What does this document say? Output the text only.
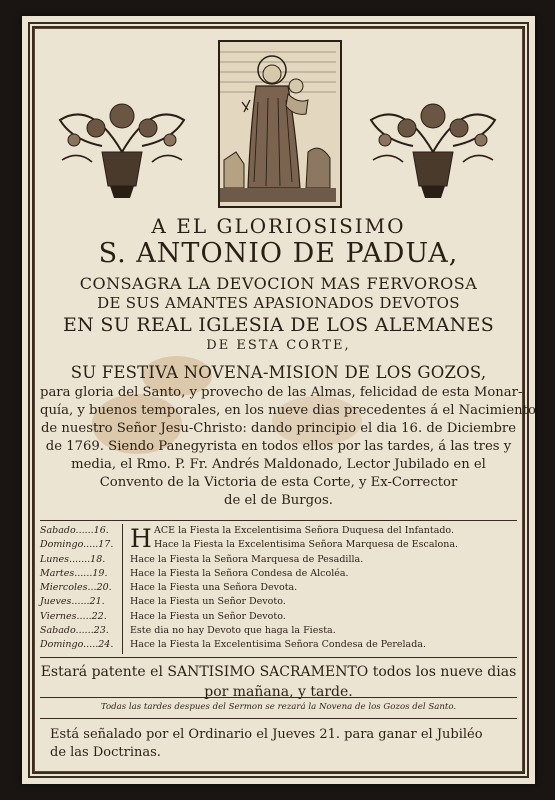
A EL GLORIOSISIMO
S. ANTONIO DE PADUA,
CONSAGRA LA DEVOCION MAS FERVOROSA
DE SUS AMANTES APASIONADOS DEVOTOS
EN SU REAL IGLESIA DE LOS ALEMANES
DE ESTA CORTE,
SU FESTIVA NOVENA-MISION DE LOS GOZOS,
para gloria del Santo, y provecho de las Almas, felicidad de esta Monar-
quía, y buenos temporales, en los nueve dias precedentes á el Nacimiento
de nuestro Señor Jesu-Christo: dando principio el dia 16. de Diciembre
de 1769. Siendo Panegyrista en todos ellos por las tardes, á las tres y
media, el Rmo. P. Fr. Andrés Maldonado, Lector Jubilado en el
Convento de la Victoria de esta Corte, y Ex-Corrector
de el de Burgos.
Sabado......16.
Domingo.....17.
Lunes.......18.
Martes......19.
Miercoles...20.
Jueves......21.
Viernes.....22.
Sabado......23.
Domingo.....24.
H ACE la Fiesta la Excelentisima Señora Duquesa del Infantado.
Hace la Fiesta la Excelentisima Señora Marquesa de Escalona.
Hace la Fiesta la Señora Marquesa de Pesadilla.
Hace la Fiesta la Señora Condesa de Alcoléa.
Hace la Fiesta una Señora Devota.
Hace la Fiesta un Señor Devoto.
Hace la Fiesta un Señor Devoto.
Este dia no hay Devoto que haga la Fiesta.
Hace la Fiesta la Excelentisima Señora Condesa de Perelada.
Estará patente el SANTISIMO SACRAMENTO todos los nueve dias
por mañana, y tarde.
Todas las tardes despues del Sermon se rezará la Novena de los Gozos del Santo.
Está señalado por el Ordinario el Jueves 21. para ganar el Jubiléo
de las Doctrinas.
